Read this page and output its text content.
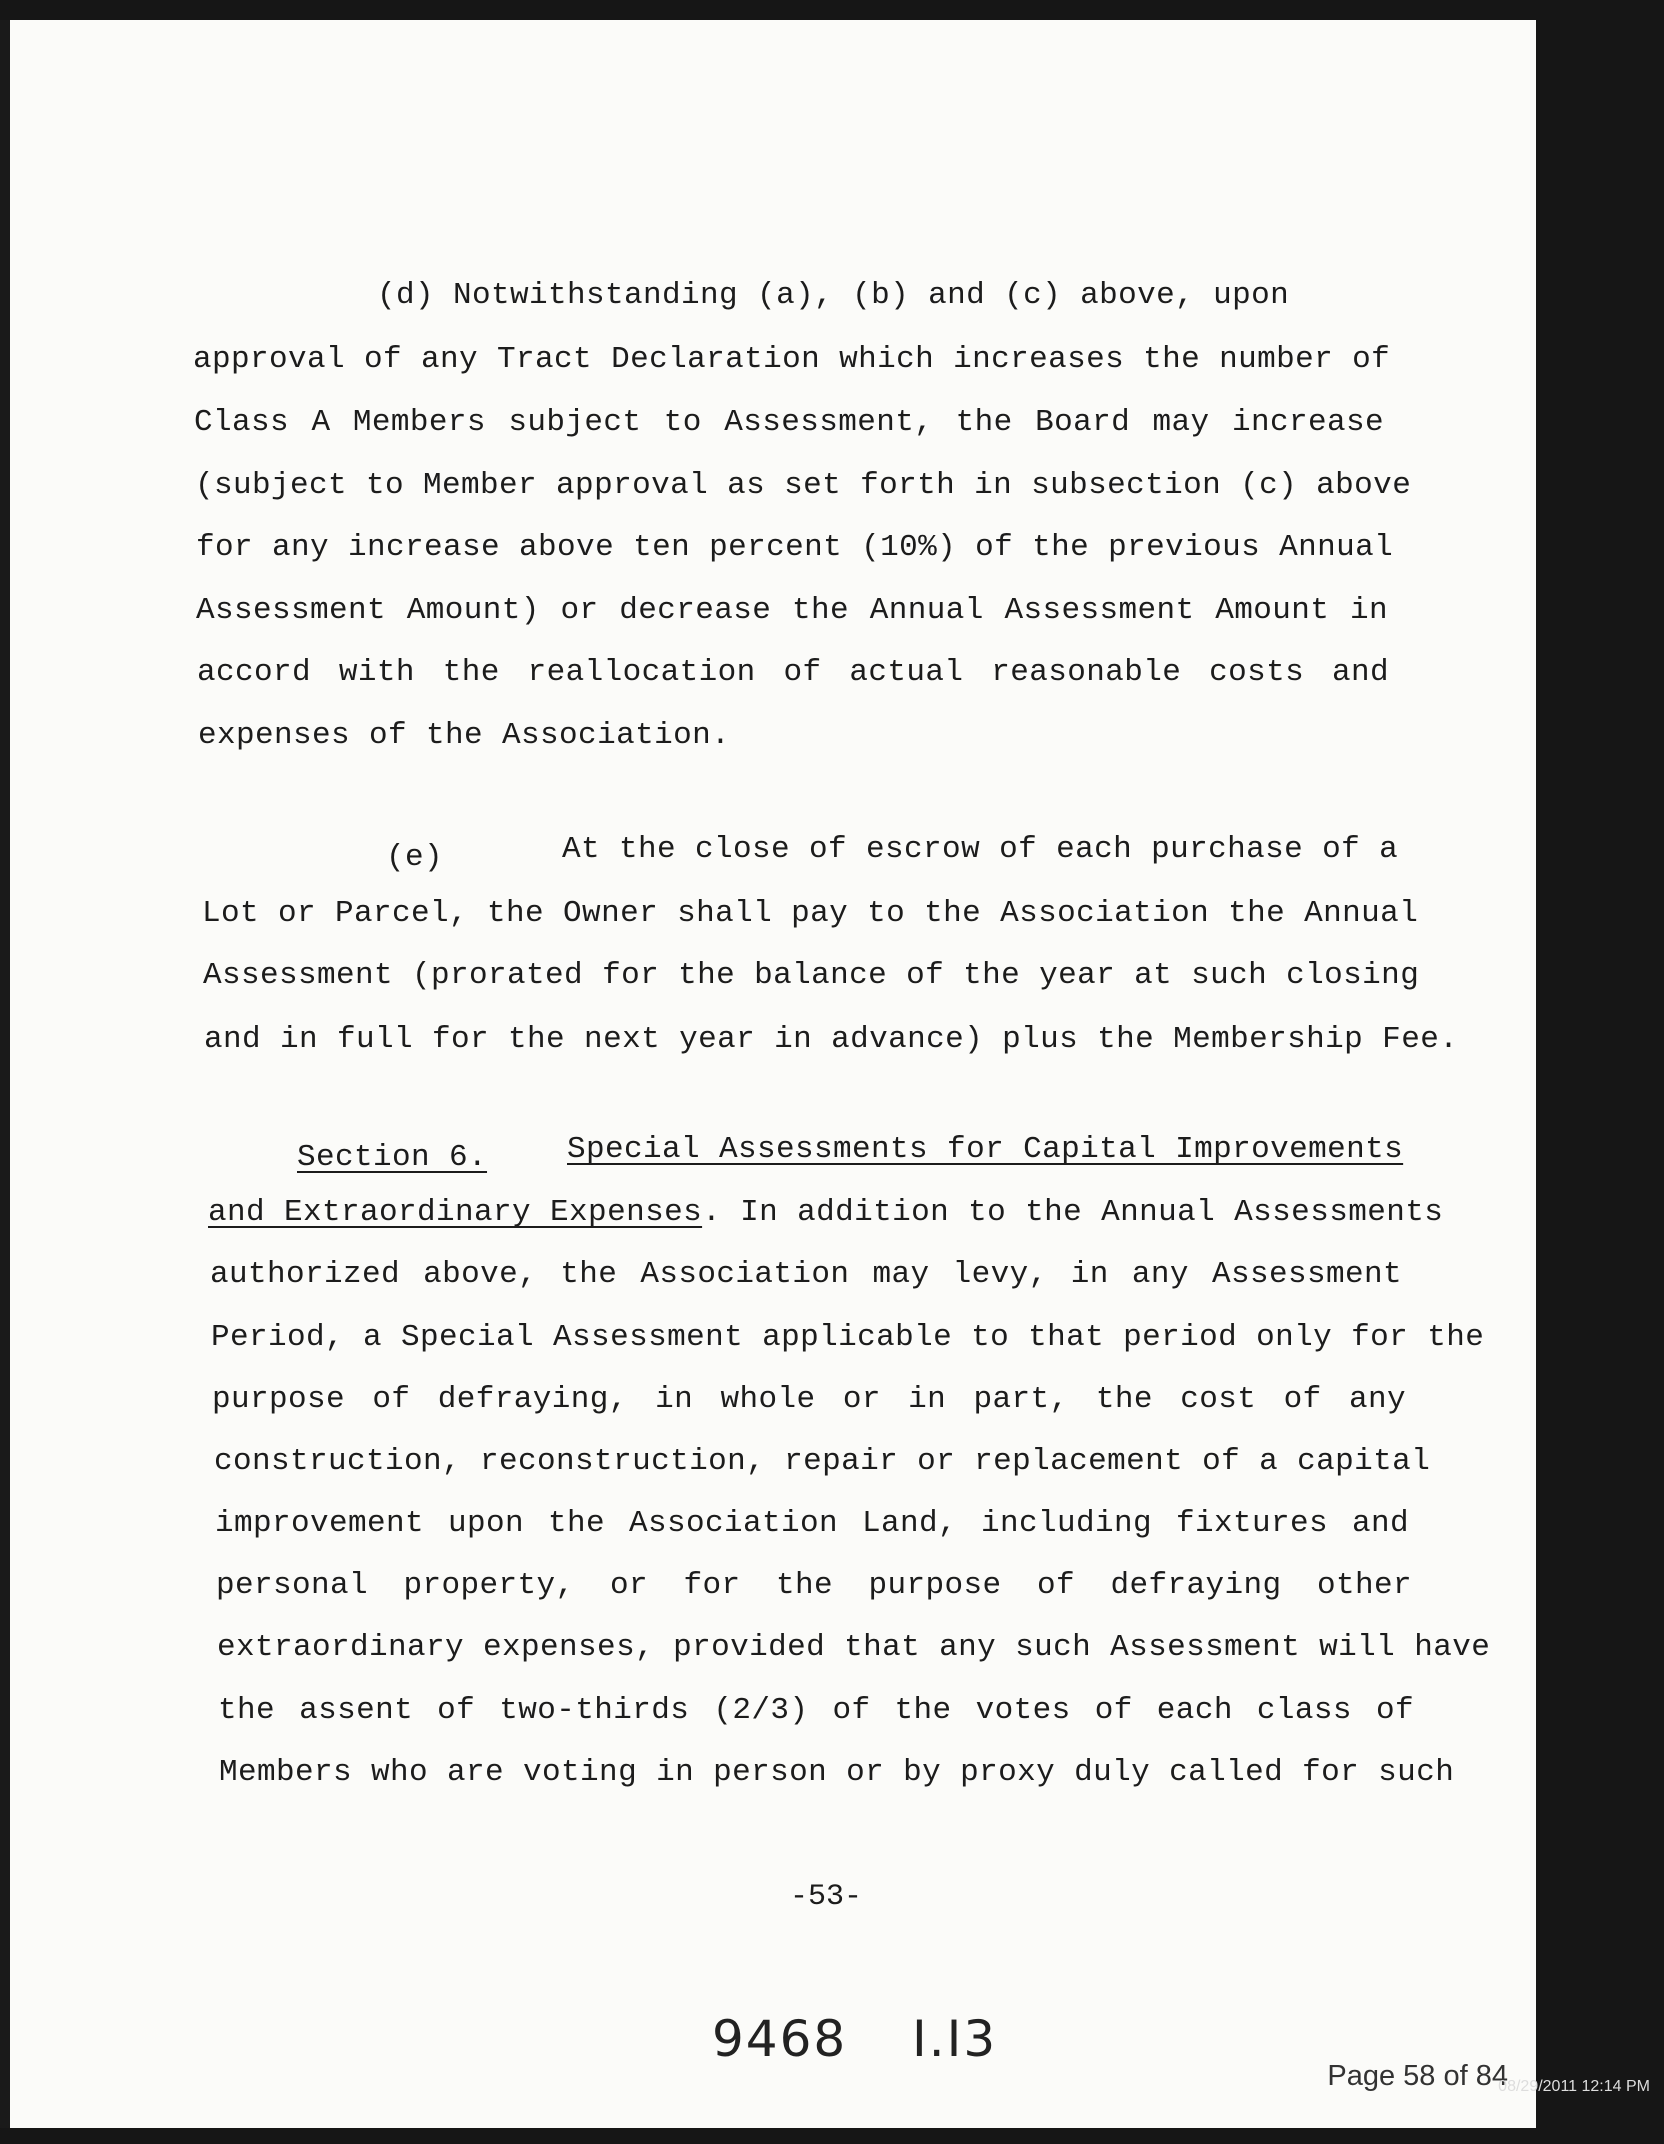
(d) Notwithstanding (a), (b) and (c) above, upon
approval of any Tract Declaration which increases the number of
Class A Members subject to Assessment, the Board may increase
(subject to Member approval as set forth in subsection (c) above
for any increase above ten percent (10%) of the previous Annual
Assessment Amount) or decrease the Annual Assessment Amount in
accord with the reallocation of actual reasonable costs and
expenses of the Association.
(e)	At the close of escrow of each purchase of a
Lot or Parcel, the Owner shall pay to the Association the Annual
Assessment (prorated for the balance of the year at such closing
and in full for the next year in advance) plus the Membership Fee.
Section 6.	Special Assessments for Capital Improvements
and Extraordinary Expenses. In addition to the Annual Assessments
authorized above, the Association may levy, in any Assessment
Period, a Special Assessment applicable to that period only for the
purpose of defraying, in whole or in part, the cost of any
construction, reconstruction, repair or replacement of a capital
improvement upon the Association Land, including fixtures and
personal property, or for the purpose of defraying other
extraordinary expenses, provided that any such Assessment will have
the assent of two-thirds (2/3) of the votes of each class of
Members who are voting in person or by proxy duly called for such
-53-
9468 I.I3
Page 58 of 84
08/29/2011 12:14 PM
